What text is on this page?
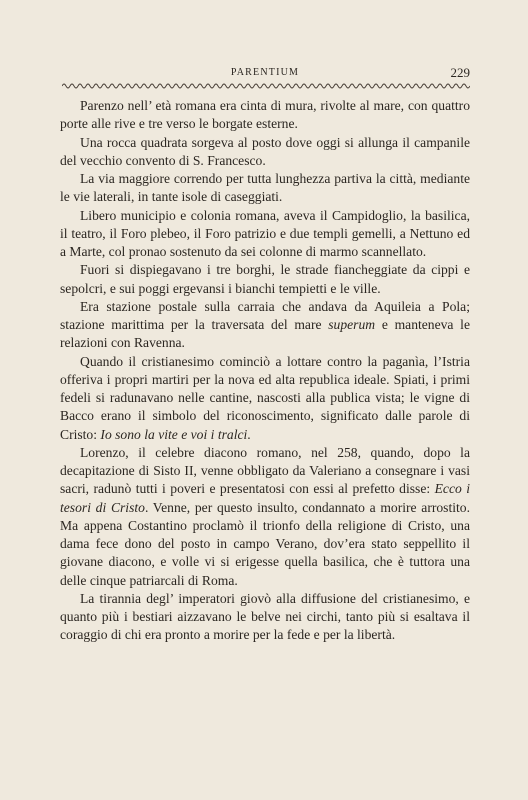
PARENTIUM	229

Parenzo nell’ età romana era cinta di mura, rivolte al mare, con quattro porte alle rive e tre verso le borgate esterne.

Una rocca quadrata sorgeva al posto dove oggi si allunga il campanile del vecchio convento di S. Francesco.

La via maggiore correndo per tutta lunghezza partiva la città, mediante le vie laterali, in tante isole di caseggiati.

Libero municipio e colonia romana, aveva il Campidoglio, la basilica, il teatro, il Foro plebeo, il Foro patrizio e due templi gemelli, a Nettuno ed a Marte, col pronao sostenuto da sei colonne di marmo scannellato.

Fuori si dispiegavano i tre borghi, le strade fiancheggiate da cippi e sepolcri, e sui poggi ergevansi i bianchi tempietti e le ville.

Era stazione postale sulla carraia che andava da Aquileia a Pola; stazione marittima per la traversata del mare superum e manteneva le relazioni con Ravenna.

Quando il cristianesimo cominciò a lottare contro la paganìa, l’Istria offeriva i propri martiri per la nova ed alta republica ideale. Spiati, i primi fedeli si radunavano nelle cantine, nascosti alla publica vista; le vigne di Bacco erano il simbolo del riconoscimento, significato dalle parole di Cristo: Io sono la vite e voi i tralci.

Lorenzo, il celebre diacono romano, nel 258, quando, dopo la decapitazione di Sisto II, venne obbligato da Valeriano a consegnare i vasi sacri, radunò tutti i poveri e presentatosi con essi al prefetto disse: Ecco i tesori di Cristo. Venne, per questo insulto, condannato a morire arrostito. Ma appena Costantino proclamò il trionfo della religione di Cristo, una dama fece dono del posto in campo Verano, dov’era stato seppellito il giovane diacono, e volle vi si erigesse quella basilica, che è tuttora una delle cinque patriarcali di Roma.

La tirannia degl’ imperatori giovò alla diffusione del cristianesimo, e quanto più i bestiari aizzavano le belve nei circhi, tanto più si esaltava il coraggio di chi era pronto a morire per la fede e per la libertà.
